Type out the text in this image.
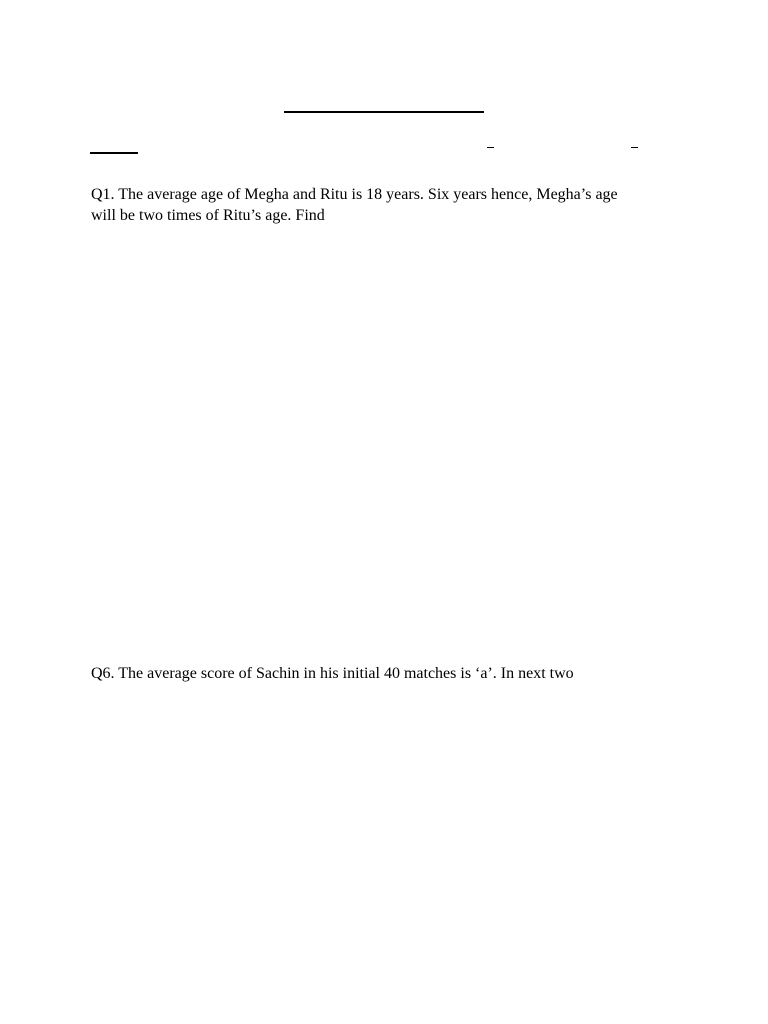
Q1. The average age of Megha and Ritu is 18 years. Six years hence, Megha’s age
will be two times of Ritu’s age. Find
Q6. The average score of Sachin in his initial 40 matches is ‘a’. In next two
